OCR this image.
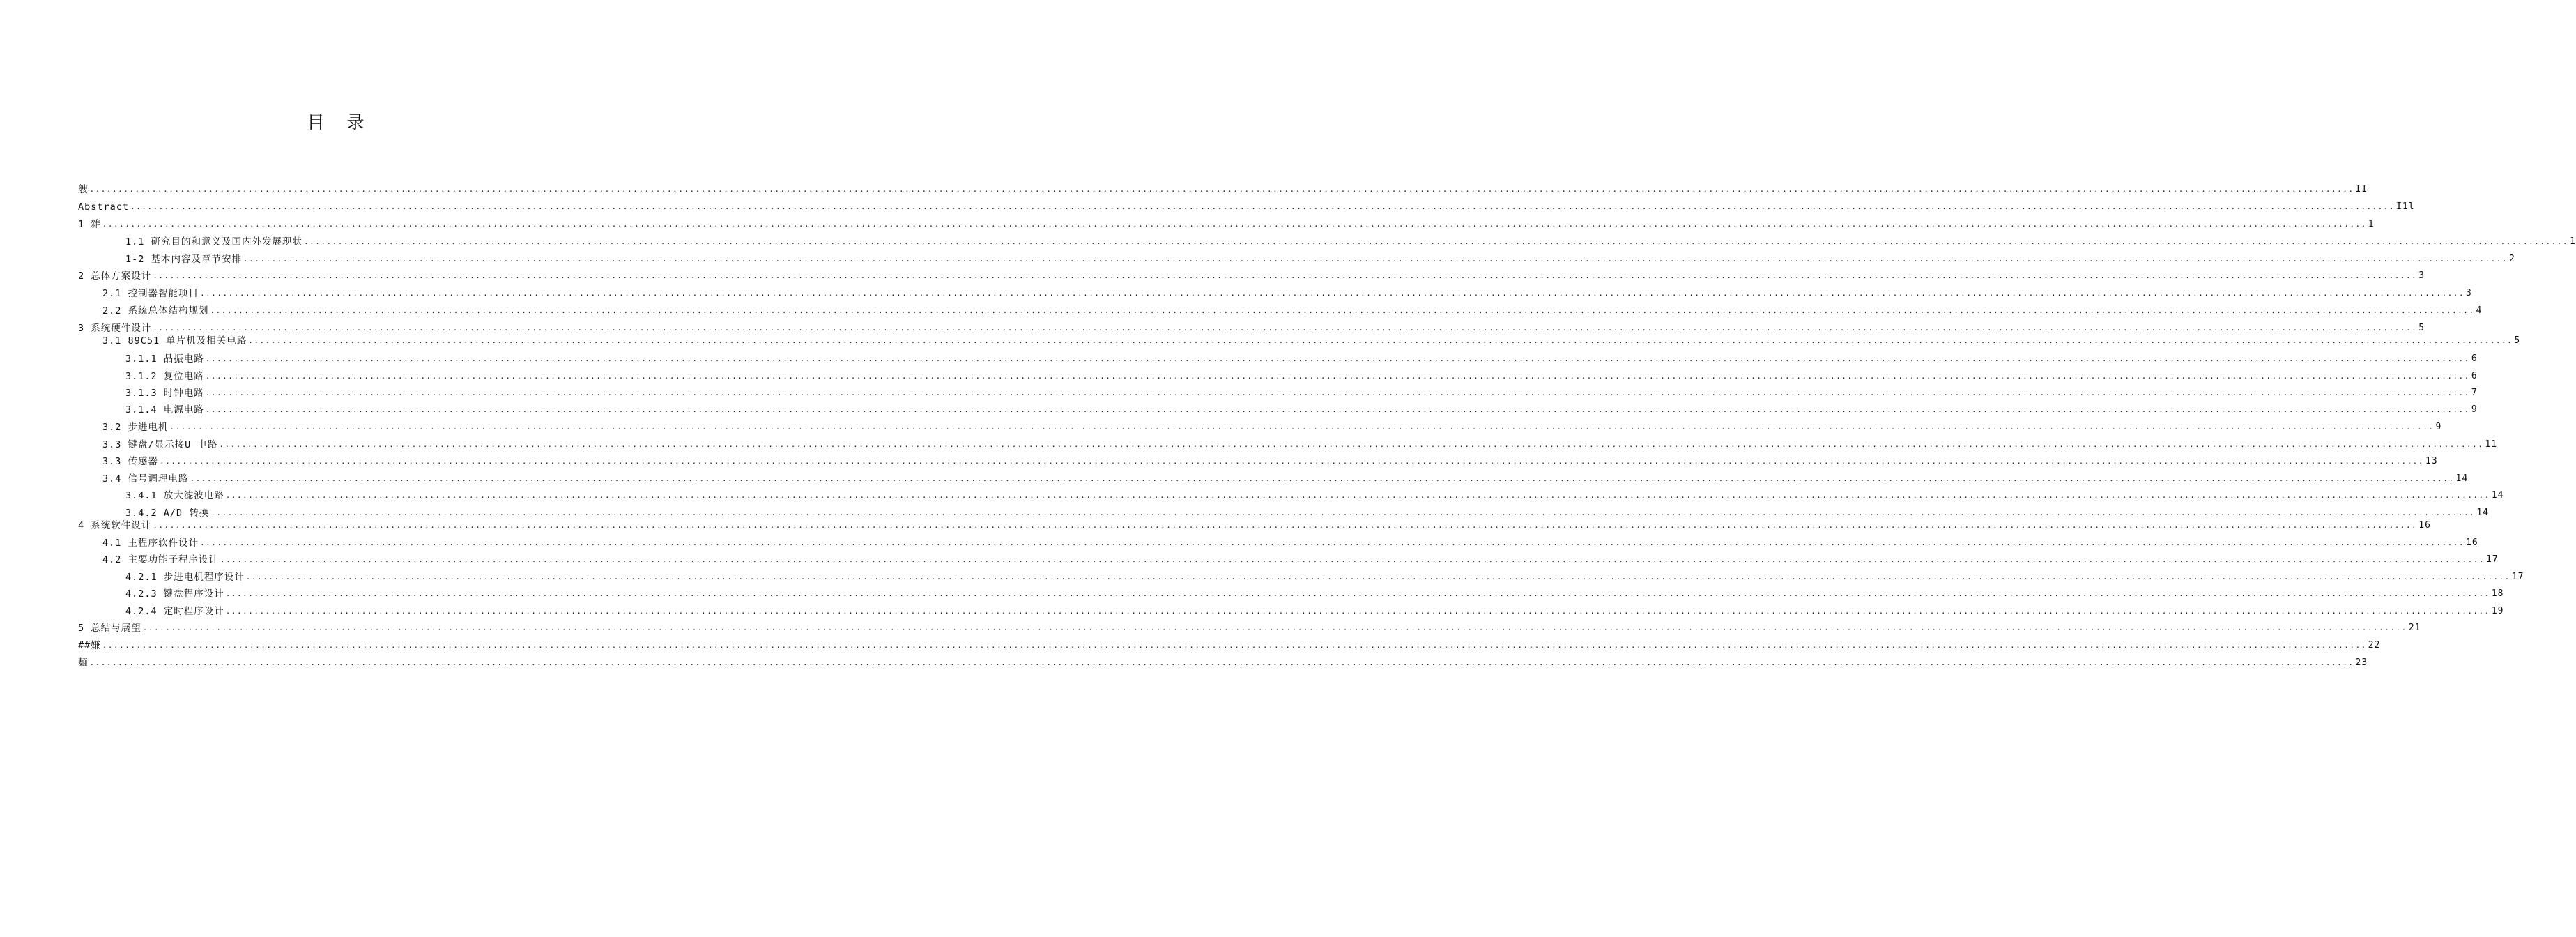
目 录
艘 ................................................................................................................................................................................................................................................................................................................................................................................................................ II
Abstract ................................................................................................................................................................................................................................................................................................................................................................................................................ I1l
1 雜 ................................................................................................................................................................................................................................................................................................................................................................................................................ 1
1.1 研究目的和意义及国内外发展现状 ................................................................................................................................................................................................................................................................................................................................................................................................................ 1
1-2 基木内容及章节安排 ................................................................................................................................................................................................................................................................................................................................................................................................................ 2
2 总体方案设计 ................................................................................................................................................................................................................................................................................................................................................................................................................ 3
2.1 控制器智能项目 ................................................................................................................................................................................................................................................................................................................................................................................................................ 3
2.2 系统总体结构规划 ................................................................................................................................................................................................................................................................................................................................................................................................................ 4
3 系统硬件设计 ................................................................................................................................................................................................................................................................................................................................................................................................................ 5
3.1 89C51 单片机及相关电路 ................................................................................................................................................................................................................................................................................................................................................................................................................ 5
3.1.1 晶振电路 ................................................................................................................................................................................................................................................................................................................................................................................................................ 6
3.1.2 复位电路 ................................................................................................................................................................................................................................................................................................................................................................................................................ 6
3.1.3 时钟电路 ................................................................................................................................................................................................................................................................................................................................................................................................................ 7
3.1.4 电源电路 ................................................................................................................................................................................................................................................................................................................................................................................................................ 9
3.2 步进电机 ................................................................................................................................................................................................................................................................................................................................................................................................................ 9
3.3 键盘/显示接U 电路 ................................................................................................................................................................................................................................................................................................................................................................................................................ 11
3.3 传感器 ................................................................................................................................................................................................................................................................................................................................................................................................................ 13
3.4 信号调理电路 ................................................................................................................................................................................................................................................................................................................................................................................................................ 14
3.4.1 放大滤波电路 ................................................................................................................................................................................................................................................................................................................................................................................................................ 14
3.4.2 A/D 转换 ................................................................................................................................................................................................................................................................................................................................................................................................................ 14
4 系统软件设计 ................................................................................................................................................................................................................................................................................................................................................................................................................ 16
4.1 主程序软件设计 ................................................................................................................................................................................................................................................................................................................................................................................................................ 16
4.2 主要功能子程序设计 ................................................................................................................................................................................................................................................................................................................................................................................................................ 17
4.2.1 步进电机程序设计 ................................................................................................................................................................................................................................................................................................................................................................................................................ 17
4.2.3 键盘程序设计 ................................................................................................................................................................................................................................................................................................................................................................................................................ 18
4.2.4 定时程序设计 ................................................................................................................................................................................................................................................................................................................................................................................................................ 19
5 总结与展望 ................................................................................................................................................................................................................................................................................................................................................................................................................ 21
##嫌 ................................................................................................................................................................................................................................................................................................................................................................................................................ 22
麵 ................................................................................................................................................................................................................................................................................................................................................................................................................ 23
